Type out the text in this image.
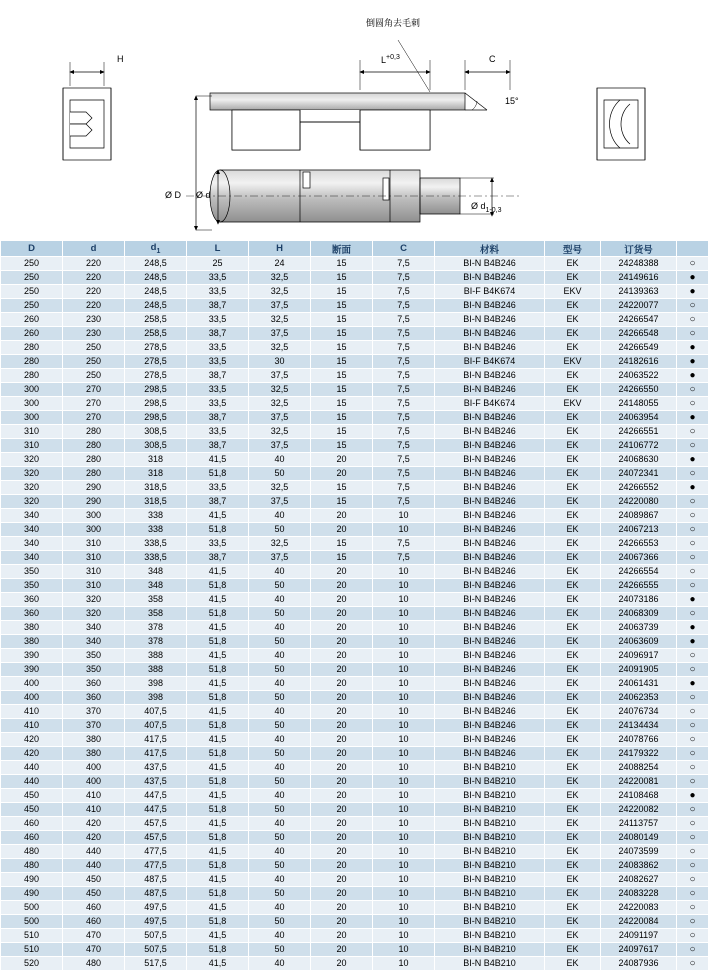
倒圆角去毛刺
H	$L^{+0,3}$	C
15°
Ø D Ø d
Ø $d_{1-0,3}$
D	d	$d_1$	L	H	断面	C	材料	型号	订货号	
250	220	248,5	25	24	15	7,5	BI-N B4B246	EK	24248388	○
250	220	248,5	33,5	32,5	15	7,5	BI-N B4B246	EK	24149616	●
250	220	248,5	33,5	32,5	15	7,5	BI-F B4K674	EKV	24139363	●
250	220	248,5	38,7	37,5	15	7,5	BI-N B4B246	EK	24220077	○
260	230	258,5	33,5	32,5	15	7,5	BI-N B4B246	EK	24266547	○
260	230	258,5	38,7	37,5	15	7,5	BI-N B4B246	EK	24266548	○
280	250	278,5	33,5	32,5	15	7,5	BI-N B4B246	EK	24266549	●
280	250	278,5	33,5	30	15	7,5	BI-F B4K674	EKV	24182616	●
280	250	278,5	38,7	37,5	15	7,5	BI-N B4B246	EK	24063522	●
300	270	298,5	33,5	32,5	15	7,5	BI-N B4B246	EK	24266550	○
300	270	298,5	33,5	32,5	15	7,5	BI-F B4K674	EKV	24148055	○
300	270	298,5	38,7	37,5	15	7,5	BI-N B4B246	EK	24063954	●
310	280	308,5	33,5	32,5	15	7,5	BI-N B4B246	EK	24266551	○
310	280	308,5	38,7	37,5	15	7,5	BI-N B4B246	EK	24106772	○
320	280	318	41,5	40	20	7,5	BI-N B4B246	EK	24068630	●
320	280	318	51,8	50	20	7,5	BI-N B4B246	EK	24072341	○
320	290	318,5	33,5	32,5	15	7,5	BI-N B4B246	EK	24266552	●
320	290	318,5	38,7	37,5	15	7,5	BI-N B4B246	EK	24220080	○
340	300	338	41,5	40	20	10	BI-N B4B246	EK	24089867	○
340	300	338	51,8	50	20	10	BI-N B4B246	EK	24067213	○
340	310	338,5	33,5	32,5	15	7,5	BI-N B4B246	EK	24266553	○
340	310	338,5	38,7	37,5	15	7,5	BI-N B4B246	EK	24067366	○
350	310	348	41,5	40	20	10	BI-N B4B246	EK	24266554	○
350	310	348	51,8	50	20	10	BI-N B4B246	EK	24266555	○
360	320	358	41,5	40	20	10	BI-N B4B246	EK	24073186	●
360	320	358	51,8	50	20	10	BI-N B4B246	EK	24068309	○
380	340	378	41,5	40	20	10	BI-N B4B246	EK	24063739	●
380	340	378	51,8	50	20	10	BI-N B4B246	EK	24063609	●
390	350	388	41,5	40	20	10	BI-N B4B246	EK	24096917	○
390	350	388	51,8	50	20	10	BI-N B4B246	EK	24091905	○
400	360	398	41,5	40	20	10	BI-N B4B246	EK	24061431	●
400	360	398	51,8	50	20	10	BI-N B4B246	EK	24062353	○
410	370	407,5	41,5	40	20	10	BI-N B4B246	EK	24076734	○
410	370	407,5	51,8	50	20	10	BI-N B4B246	EK	24134434	○
420	380	417,5	41,5	40	20	10	BI-N B4B246	EK	24078766	○
420	380	417,5	51,8	50	20	10	BI-N B4B246	EK	24179322	○
440	400	437,5	41,5	40	20	10	BI-N B4B210	EK	24088254	○
440	400	437,5	51,8	50	20	10	BI-N B4B210	EK	24220081	○
450	410	447,5	41,5	40	20	10	BI-N B4B210	EK	24108468	●
450	410	447,5	51,8	50	20	10	BI-N B4B210	EK	24220082	○
460	420	457,5	41,5	40	20	10	BI-N B4B210	EK	24113757	○
460	420	457,5	51,8	50	20	10	BI-N B4B210	EK	24080149	○
480	440	477,5	41,5	40	20	10	BI-N B4B210	EK	24073599	○
480	440	477,5	51,8	50	20	10	BI-N B4B210	EK	24083862	○
490	450	487,5	41,5	40	20	10	BI-N B4B210	EK	24082627	○
490	450	487,5	51,8	50	20	10	BI-N B4B210	EK	24083228	○
500	460	497,5	41,5	40	20	10	BI-N B4B210	EK	24220083	○
500	460	497,5	51,8	50	20	10	BI-N B4B210	EK	24220084	○
510	470	507,5	41,5	40	20	10	BI-N B4B210	EK	24091197	○
510	470	507,5	51,8	50	20	10	BI-N B4B210	EK	24097617	○
520	480	517,5	41,5	40	20	10	BI-N B4B210	EK	24087936	○
